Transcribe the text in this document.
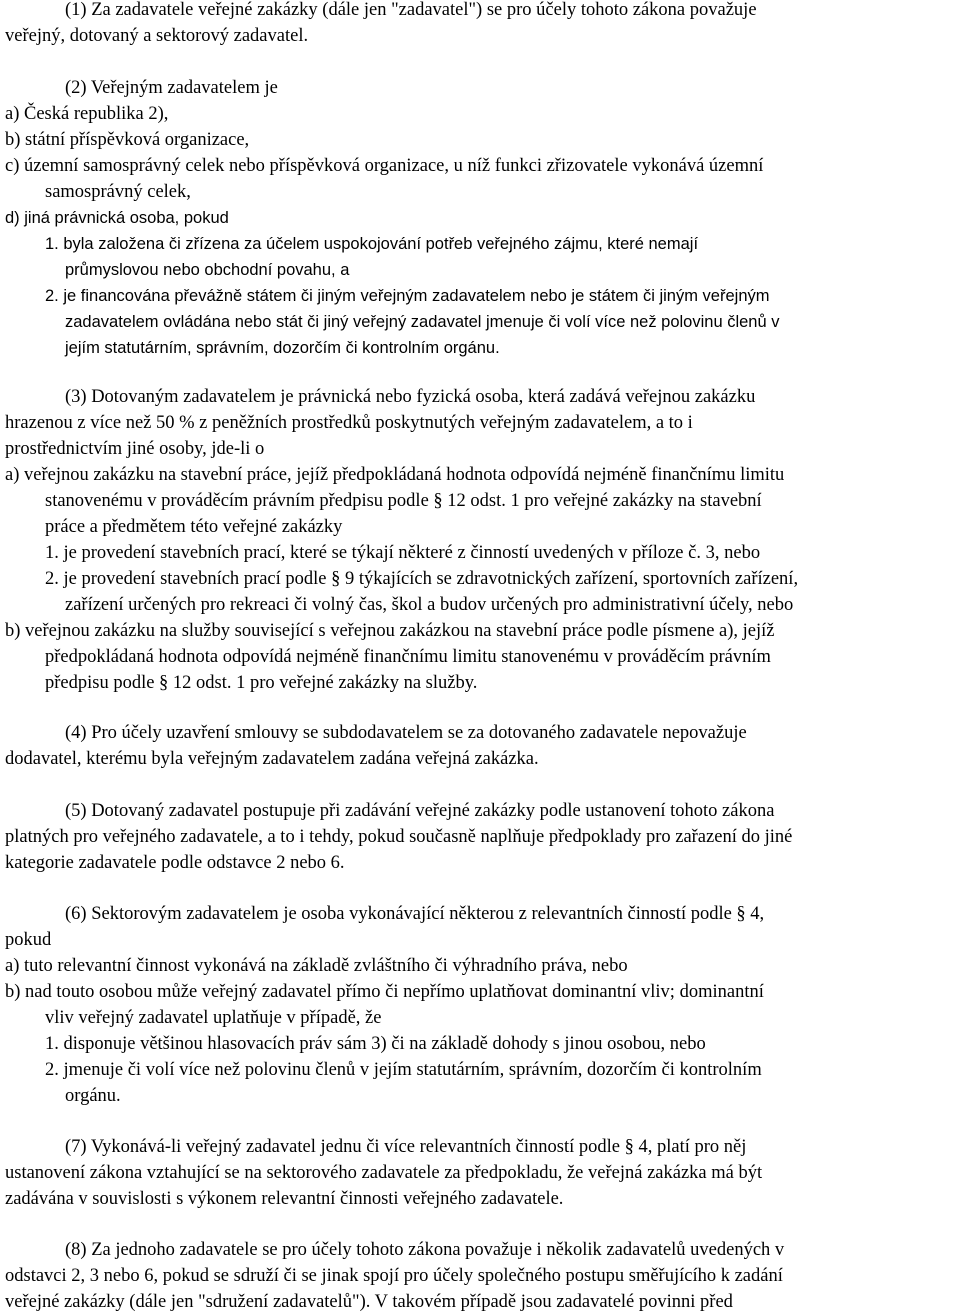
(1) Za zadavatele veřejné zakázky (dále jen "zadavatel") se pro účely tohoto zákona považuje
veřejný, dotovaný a sektorový zadavatel.
(2) Veřejným zadavatelem je
a) Česká republika 2),
b) státní příspěvková organizace,
c) územní samosprávný celek nebo příspěvková organizace, u níž funkci zřizovatele vykonává územní
samosprávný celek,
d) jiná právnická osoba, pokud
1. byla založena či zřízena za účelem uspokojování potřeb veřejného zájmu, které nemají
průmyslovou nebo obchodní povahu, a
2. je financována převážně státem či jiným veřejným zadavatelem nebo je státem či jiným veřejným
zadavatelem ovládána nebo stát či jiný veřejný zadavatel jmenuje či volí více než polovinu členů v
jejím statutárním, správním, dozorčím či kontrolním orgánu.
(3) Dotovaným zadavatelem je právnická nebo fyzická osoba, která zadává veřejnou zakázku
hrazenou z více než 50 % z peněžních prostředků poskytnutých veřejným zadavatelem, a to i
prostřednictvím jiné osoby, jde-li o
a) veřejnou zakázku na stavební práce, jejíž předpokládaná hodnota odpovídá nejméně finančnímu limitu
stanovenému v prováděcím právním předpisu podle § 12 odst. 1 pro veřejné zakázky na stavební
práce a předmětem této veřejné zakázky
1. je provedení stavebních prací, které se týkají některé z činností uvedených v příloze č. 3, nebo
2. je provedení stavebních prací podle § 9 týkajících se zdravotnických zařízení, sportovních zařízení,
zařízení určených pro rekreaci či volný čas, škol a budov určených pro administrativní účely, nebo
b) veřejnou zakázku na služby související s veřejnou zakázkou na stavební práce podle písmene a), jejíž
předpokládaná hodnota odpovídá nejméně finančnímu limitu stanovenému v prováděcím právním
předpisu podle § 12 odst. 1 pro veřejné zakázky na služby.
(4) Pro účely uzavření smlouvy se subdodavatelem se za dotovaného zadavatele nepovažuje
dodavatel, kterému byla veřejným zadavatelem zadána veřejná zakázka.
(5) Dotovaný zadavatel postupuje při zadávání veřejné zakázky podle ustanovení tohoto zákona
platných pro veřejného zadavatele, a to i tehdy, pokud současně naplňuje předpoklady pro zařazení do jiné
kategorie zadavatele podle odstavce 2 nebo 6.
(6) Sektorovým zadavatelem je osoba vykonávající některou z relevantních činností podle § 4,
pokud
a) tuto relevantní činnost vykonává na základě zvláštního či výhradního práva, nebo
b) nad touto osobou může veřejný zadavatel přímo či nepřímo uplatňovat dominantní vliv; dominantní
vliv veřejný zadavatel uplatňuje v případě, že
1. disponuje většinou hlasovacích práv sám 3) či na základě dohody s jinou osobou, nebo
2. jmenuje či volí více než polovinu členů v jejím statutárním, správním, dozorčím či kontrolním
orgánu.
(7) Vykonává-li veřejný zadavatel jednu či více relevantních činností podle § 4, platí pro něj
ustanovení zákona vztahující se na sektorového zadavatele za předpokladu, že veřejná zakázka má být
zadávána v souvislosti s výkonem relevantní činnosti veřejného zadavatele.
(8) Za jednoho zadavatele se pro účely tohoto zákona považuje i několik zadavatelů uvedených v
odstavci 2, 3 nebo 6, pokud se sdruží či se jinak spojí pro účely společného postupu směřujícího k zadání
veřejné zakázky (dále jen "sdružení zadavatelů"). V takovém případě jsou zadavatelé povinni před
